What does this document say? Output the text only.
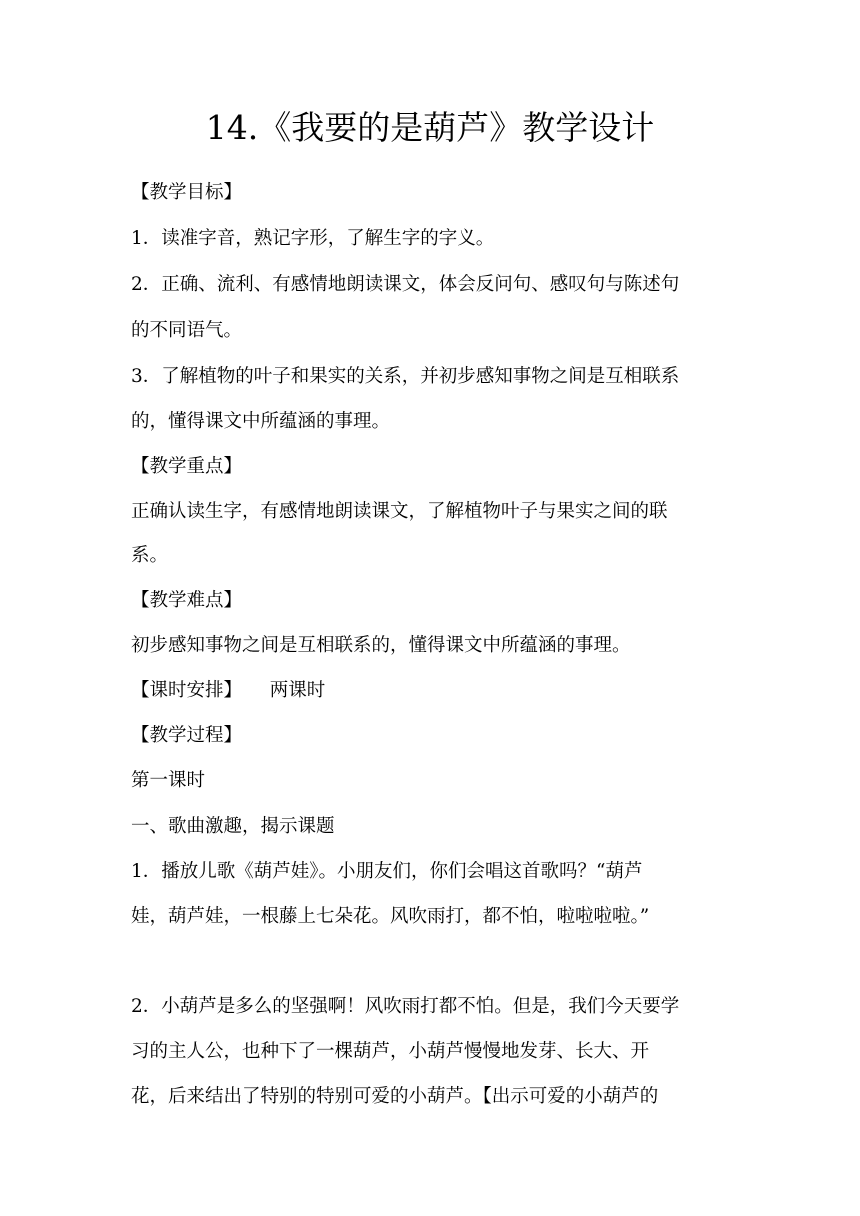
14.《我要的是葫芦》教学设计

【教学目标】

1．读准字音，熟记字形，了解生字的字义。

2．正确、流利、有感情地朗读课文，体会反问句、感叹句与陈述句

的不同语气。

3．了解植物的叶子和果实的关系，并初步感知事物之间是互相联系

的，懂得课文中所蕴涵的事理。

【教学重点】

正确认读生字，有感情地朗读课文，了解植物叶子与果实之间的联

系。

【教学难点】

初步感知事物之间是互相联系的，懂得课文中所蕴涵的事理。

【课时安排】　　两课时

【教学过程】

第一课时

一、歌曲激趣，揭示课题

1．播放儿歌《葫芦娃》。小朋友们，你们会唱这首歌吗？“葫芦

娃，葫芦娃，一根藤上七朵花。风吹雨打，都不怕，啦啦啦啦。”

2．小葫芦是多么的坚强啊！风吹雨打都不怕。但是，我们今天要学

习的主人公，也种下了一棵葫芦，小葫芦慢慢地发芽、长大、开

花，后来结出了特别的特别可爱的小葫芦。【出示可爱的小葫芦的
